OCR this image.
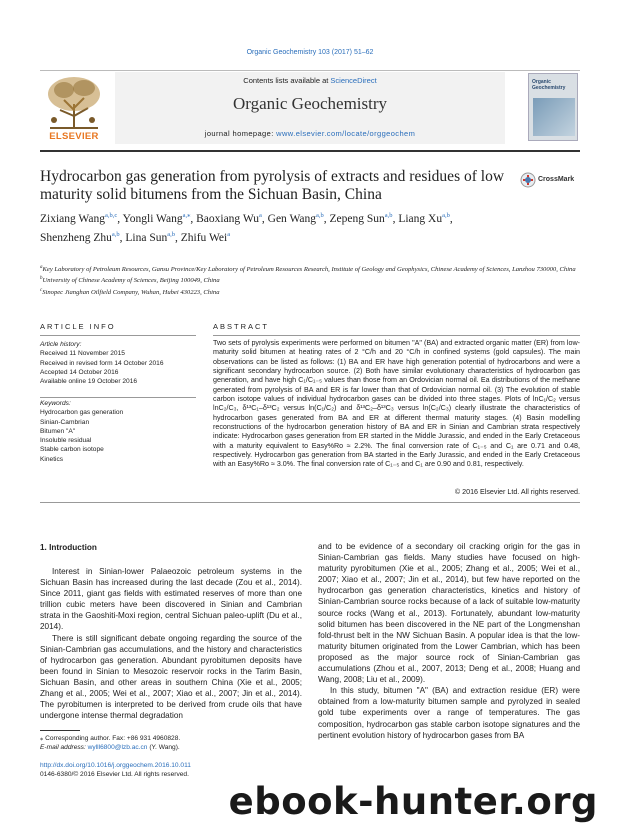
Organic Geochemistry 103 (2017) 51–62
ELSEVIER
Contents lists available at ScienceDirect
Organic Geochemistry
journal homepage: www.elsevier.com/locate/orggeochem
Organic Geochemistry
Hydrocarbon gas generation from pyrolysis of extracts and residues of low maturity solid bitumens from the Sichuan Basin, China
CrossMark
Zixiang Wang$^{a,b,c}$, Yongli Wang$^{a,⁎}$, Baoxiang Wu$^a$, Gen Wang$^{a,b}$, Zepeng Sun$^{a,b}$, Liang Xu$^{a,b}$,
Shenzheng Zhu$^{a,b}$, Lina Sun$^{a,b}$, Zhifu Wei$^a$
$^a$Key Laboratory of Petroleum Resources, Gansu Province/Key Laboratory of Petroleum Resources Research, Institute of Geology and Geophysics, Chinese Academy of Sciences, Lanzhou 730000, China
$^b$University of Chinese Academy of Sciences, Beijing 100049, China
$^c$Sinopec Jianghan Oilfield Company, Wuhan, Hubei 430223, China
ARTICLE INFO	ABSTRACT
Article history:
Received 11 November 2015
Received in revised form 14 October 2016
Accepted 14 October 2016
Available online 19 October 2016
Keywords:
Hydrocarbon gas generation
Sinian-Cambrian
Bitumen "A"
Insoluble residual
Stable carbon isotope
Kinetics
Two sets of pyrolysis experiments were performed on bitumen "A" (BA) and extracted organic matter (ER) from low-maturity solid bitumen at heating rates of 2 °C/h and 20 °C/h in confined systems (gold capsules). The main observations can be listed as follows: (1) BA and ER have high generation potential of hydrocarbons and were a significant secondary hydrocarbon source. (2) Both have similar evolutionary characteristics of hydrocarbon gas generation, and have high C₁/C₁₋₅ values than those from an Ordovician normal oil. Ea distributions of the methane generated from pyrolysis of BA and ER is far lower than that of Ordovician normal oil. (3) The evolution of stable carbon isotope values of individual hydrocarbon gases can be divided into three stages. Plots of lnC₁/C₂ versus lnC₂/C₃, δ¹³C₁–δ¹³C₂ versus ln(C₁/C₂) and δ¹³C₂–δ¹³C₃ versus ln(C₂/C₃) clearly illustrate the characteristics of hydrocarbon gases generated from BA and ER at different thermal maturity stages. (4) Basin modelling reconstructions of the hydrocarbon generation history of BA and ER in Sinian and Cambrian strata respectively indicate: Hydrocarbon gases generation from ER started in the Middle Jurassic, and ended in the Early Cretaceous with a maturity equivalent to Easy%Ro ≈ 2.2%. The final conversion rate of C₁₋₅ and C₁ are 0.71 and 0.48, respectively. Hydrocarbon gas generation from BA started in the Early Jurassic, and ended in the Early Cretaceous with an Easy%Ro ≈ 3.0%. The final conversion rate of C₁₋₅ and C₁ are 0.90 and 0.81, respectively.
© 2016 Elsevier Ltd. All rights reserved.
1. Introduction

Interest in Sinian-lower Palaeozoic petroleum systems in the Sichuan Basin has increased during the last decade (Zou et al., 2014). Since 2011, giant gas fields with estimated reserves of more than one trillion cubic meters have been discovered in Sinian and Cambrian strata in the Gaoshiti-Moxi region, central Sichuan paleo-uplift (Du et al., 2014).

There is still significant debate ongoing regarding the source of the Sinian-Cambrian gas accumulations, and the history and characteristics of hydrocarbon gas generation. Abundant pyrobitumen deposits have been found in Sinian to Mesozoic reservoir rocks in the Tarim Basin, Sichuan Basin, and other areas in southern China (Xie et al., 2005; Zhang et al., 2005; Wei et al., 2007; Xiao et al., 2007; Jin et al., 2014). The pyrobitumen is interpreted to be derived from crude oils that have undergone intense thermal degradation

and to be evidence of a secondary oil cracking origin for the gas in Sinian-Cambrian gas fields. Many studies have focused on high-maturity pyrobitumen (Xie et al., 2005; Zhang et al., 2005; Wei et al., 2007; Xiao et al., 2007; Jin et al., 2014), but few have reported on the hydrocarbon gas generation characteristics, kinetics and history of Sinian-Cambrian source rocks because of a lack of suitable low-maturity source rocks (Wang et al., 2013). Fortunately, abundant low-maturity solid bitumen has been discovered in the NE part of the Longmenshan fold-thrust belt in the NW Sichuan Basin. A popular idea is that the low-maturity bitumen originated from the Lower Cambrian, which has been proposed as the major source rock of Sinian-Cambrian gas accumulations (Zhou et al., 2007, 2013; Deng et al., 2008; Huang and Wang, 2008; Liu et al., 2009).

In this study, bitumen "A" (BA) and extraction residue (ER) were obtained from a low-maturity bitumen sample and pyrolyzed in sealed gold tube experiments over a range of temperatures. The gas composition, hydrocarbon gas stable carbon isotope signatures and the pertinent evolution history of hydrocarbon gases from BA

⁎ Corresponding author. Fax: +86 931 4960828.
E-mail address: wylll6800@lzb.ac.cn (Y. Wang).
http://dx.doi.org/10.1016/j.orggeochem.2016.10.011
0146-6380/© 2016 Elsevier Ltd. All rights reserved.
ebook-hunter.org
